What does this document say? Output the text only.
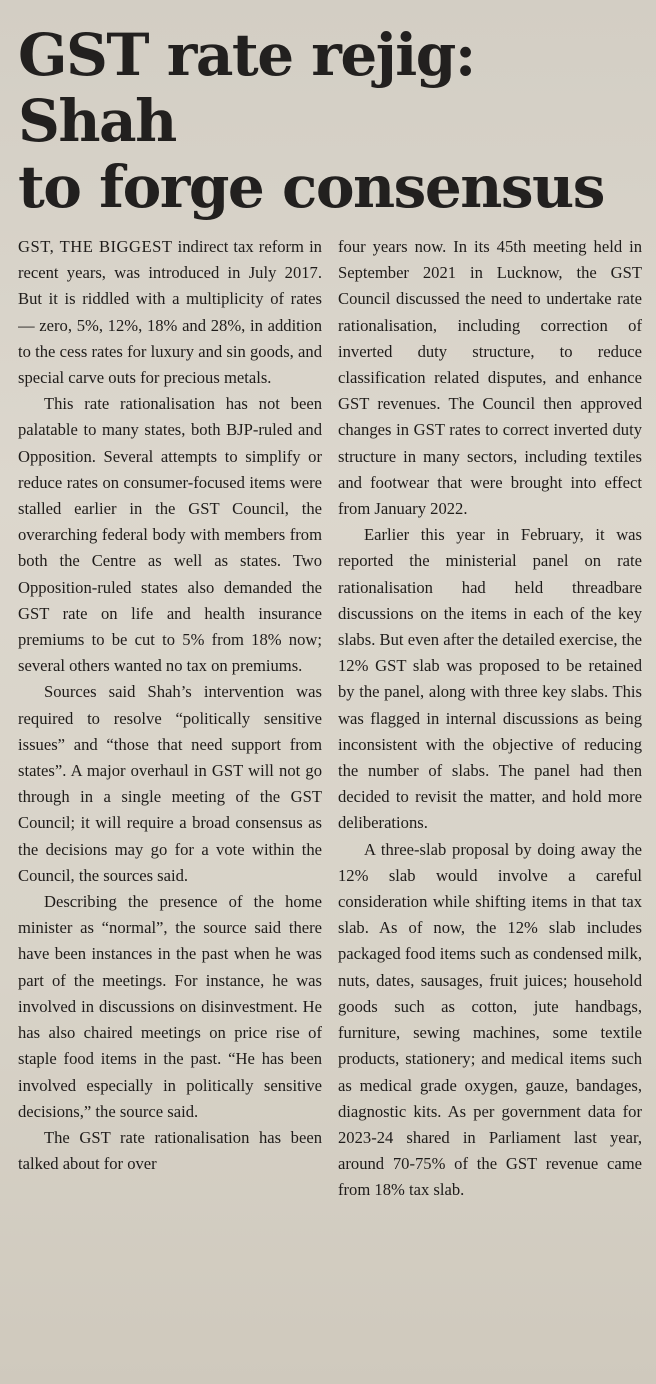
GST rate rejig: Shah
to forge consensus

GST, THE BIGGEST indirect tax reform in recent years, was introduced in July 2017. But it is riddled with a multiplicity of rates — zero, 5%, 12%, 18% and 28%, in addition to the cess rates for luxury and sin goods, and special carve outs for precious metals.

This rate rationalisation has not been palatable to many states, both BJP-ruled and Opposition. Several attempts to simplify or reduce rates on consumer-focused items were stalled earlier in the GST Council, the overarching federal body with members from both the Centre as well as states. Two Opposition-ruled states also demanded the GST rate on life and health insurance premiums to be cut to 5% from 18% now; several others wanted no tax on premiums.

Sources said Shah’s intervention was required to resolve “politically sensitive issues” and “those that need support from states”. A major overhaul in GST will not go through in a single meeting of the GST Council; it will require a broad consensus as the decisions may go for a vote within the Council, the sources said.

Describing the presence of the home minister as “normal”, the source said there have been instances in the past when he was part of the meetings. For instance, he was involved in discussions on disinvestment. He has also chaired meetings on price rise of staple food items in the past. “He has been involved especially in politically sensitive decisions,” the source said.

The GST rate rationalisation has been talked about for over

four years now. In its 45th meeting held in September 2021 in Lucknow, the GST Council discussed the need to undertake rate rationalisation, including correction of inverted duty structure, to reduce classification related disputes, and enhance GST revenues. The Council then approved changes in GST rates to correct inverted duty structure in many sectors, including textiles and footwear that were brought into effect from January 2022.

Earlier this year in February, it was reported the ministerial panel on rate rationalisation had held threadbare discussions on the items in each of the key slabs. But even after the detailed exercise, the 12% GST slab was proposed to be retained by the panel, along with three key slabs. This was flagged in internal discussions as being inconsistent with the objective of reducing the number of slabs. The panel had then decided to revisit the matter, and hold more deliberations.

A three-slab proposal by doing away the 12% slab would involve a careful consideration while shifting items in that tax slab. As of now, the 12% slab includes packaged food items such as condensed milk, nuts, dates, sausages, fruit juices; household goods such as cotton, jute handbags, furniture, sewing machines, some textile products, stationery; and medical items such as medical grade oxygen, gauze, bandages, diagnostic kits. As per government data for 2023-24 shared in Parliament last year, around 70-75% of the GST revenue came from 18% tax slab.
